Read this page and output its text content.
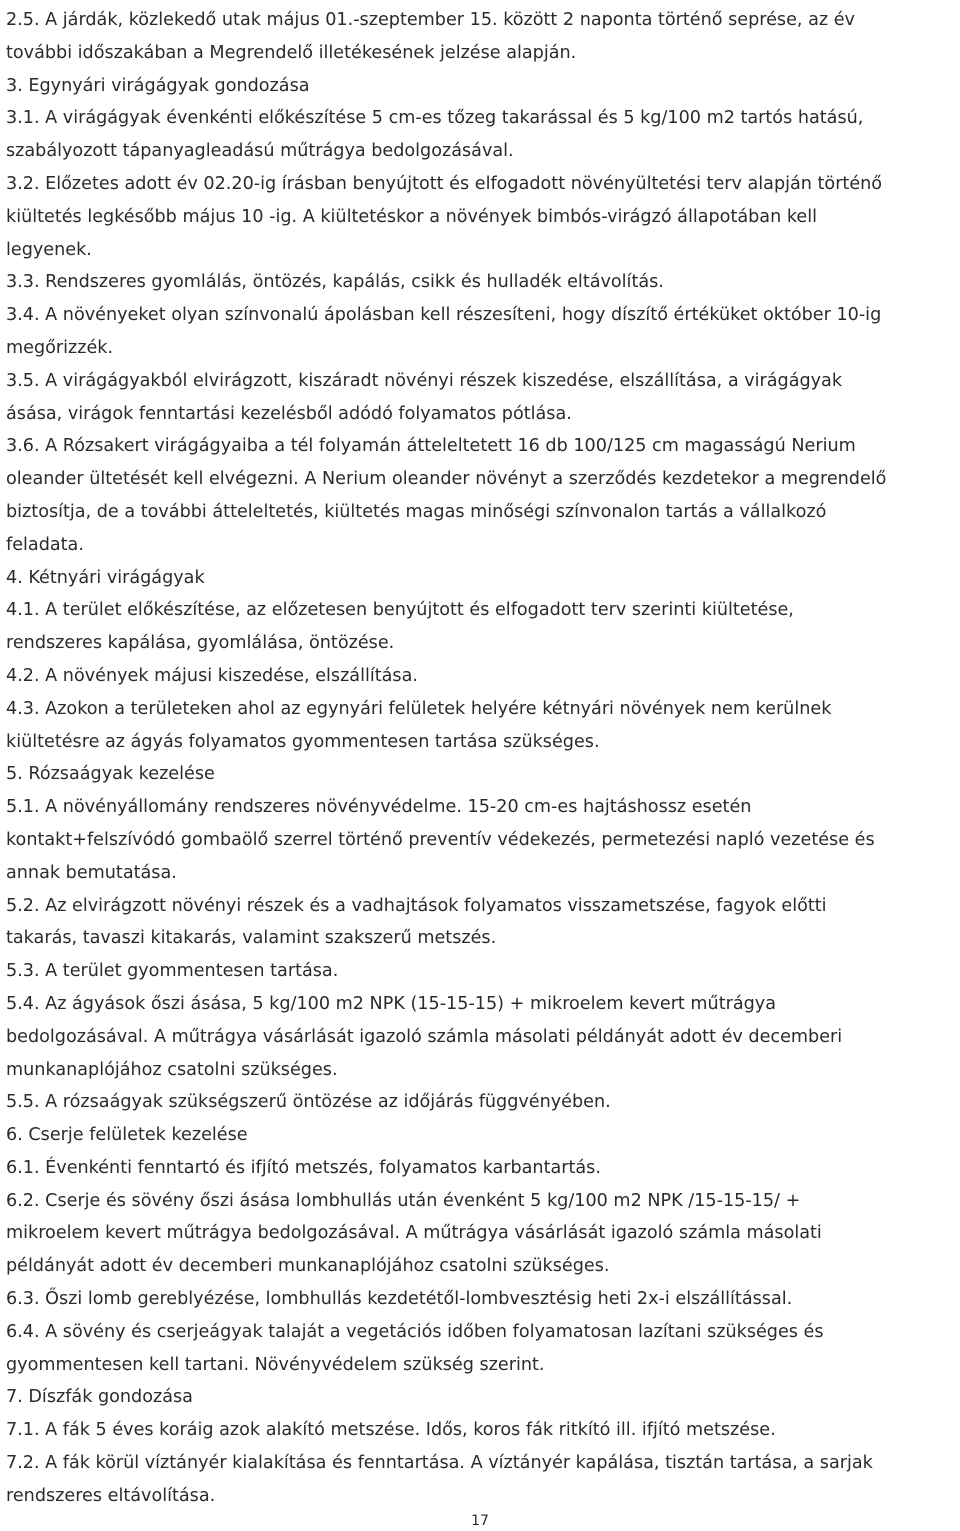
2.5. A járdák, közlekedő utak május 01.-szeptember 15. között 2 naponta történő seprése, az év
további időszakában a Megrendelő illetékesének jelzése alapján.
3. Egynyári virágágyak gondozása
3.1. A virágágyak évenkénti előkészítése 5 cm-es tőzeg takarással és 5 kg/100 m2 tartós hatású,
szabályozott tápanyagleadású műtrágya bedolgozásával.
3.2. Előzetes adott év 02.20-ig írásban benyújtott és elfogadott növényültetési terv alapján történő
kiültetés legkésőbb május 10 -ig. A kiültetéskor a növények bimbós-virágzó állapotában kell
legyenek.
3.3. Rendszeres gyomlálás, öntözés, kapálás, csikk és hulladék eltávolítás.
3.4. A növényeket olyan színvonalú ápolásban kell részesíteni, hogy díszítő értéküket október 10-ig
megőrizzék.
3.5. A virágágyakból elvirágzott, kiszáradt növényi részek kiszedése, elszállítása, a virágágyak
ásása, virágok fenntartási kezelésből adódó folyamatos pótlása.
3.6. A Rózsakert virágágyaiba a tél folyamán átteleltetett 16 db 100/125 cm magasságú Nerium
oleander ültetését kell elvégezni. A Nerium oleander növényt a szerződés kezdetekor a megrendelő
biztosítja, de a további átteleltetés, kiültetés magas minőségi színvonalon tartás a vállalkozó
feladata.
4. Kétnyári virágágyak
4.1. A terület előkészítése, az előzetesen benyújtott és elfogadott terv szerinti kiültetése,
rendszeres kapálása, gyomlálása, öntözése.
4.2. A növények májusi kiszedése, elszállítása.
4.3. Azokon a területeken ahol az egynyári felületek helyére kétnyári növények nem kerülnek
kiültetésre az ágyás folyamatos gyommentesen tartása szükséges.
5. Rózsaágyak kezelése
5.1. A növényállomány rendszeres növényvédelme. 15-20 cm-es hajtáshossz esetén
kontakt+felszívódó gombaölő szerrel történő preventív védekezés, permetezési napló vezetése és
annak bemutatása.
5.2. Az elvirágzott növényi részek és a vadhajtások folyamatos visszametszése, fagyok előtti
takarás, tavaszi kitakarás, valamint szakszerű metszés.
5.3. A terület gyommentesen tartása.
5.4. Az ágyások őszi ásása, 5 kg/100 m2 NPK (15-15-15) + mikroelem kevert műtrágya
bedolgozásával. A műtrágya vásárlását igazoló számla másolati példányát adott év decemberi
munkanaplójához csatolni szükséges.
5.5. A rózsaágyak szükségszerű öntözése az időjárás függvényében.
6. Cserje felületek kezelése
6.1. Évenkénti fenntartó és ifjító metszés, folyamatos karbantartás.
6.2. Cserje és sövény őszi ásása lombhullás után évenként 5 kg/100 m2 NPK /15-15-15/ +
mikroelem kevert műtrágya bedolgozásával. A műtrágya vásárlását igazoló számla másolati
példányát adott év decemberi munkanaplójához csatolni szükséges.
6.3. Őszi lomb gereblyézése, lombhullás kezdetétől-lombvesztésig heti 2x-i elszállítással.
6.4. A sövény és cserjeágyak talaját a vegetációs időben folyamatosan lazítani szükséges és
gyommentesen kell tartani. Növényvédelem szükség szerint.
7. Díszfák gondozása
7.1. A fák 5 éves koráig azok alakító metszése. Idős, koros fák ritkító ill. ifjító metszése.
7.2. A fák körül víztányér kialakítása és fenntartása. A víztányér kapálása, tisztán tartása, a sarjak
rendszeres eltávolítása.
17
